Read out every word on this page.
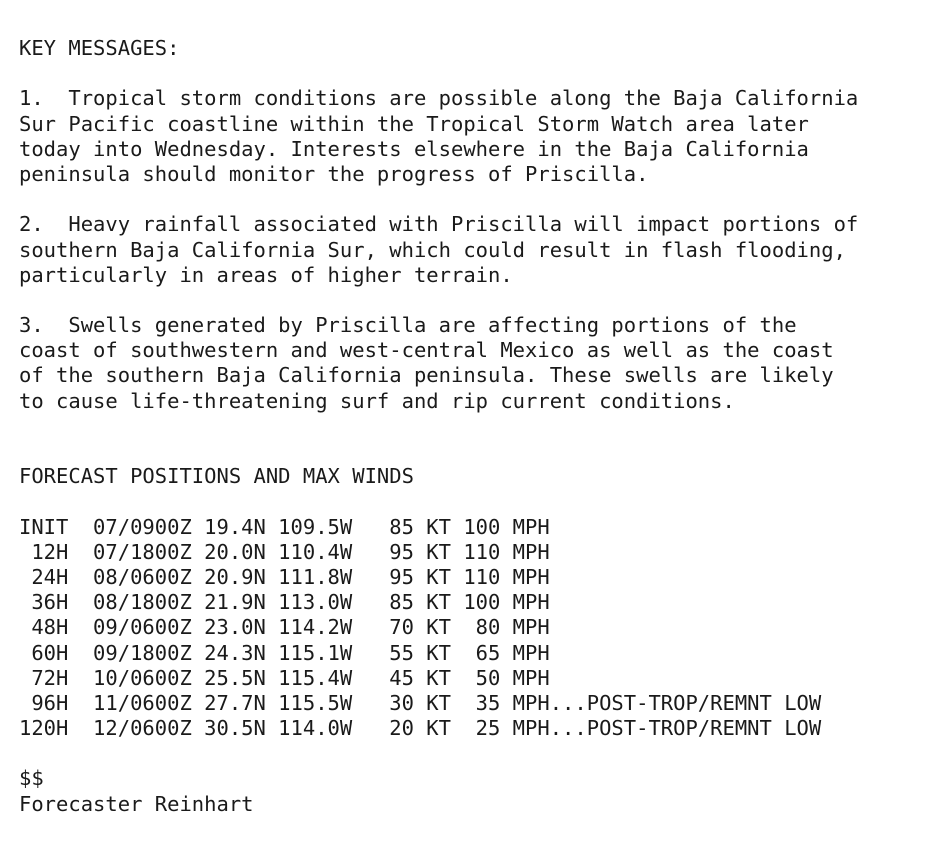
KEY MESSAGES:
1.  Tropical storm conditions are possible along the Baja California
Sur Pacific coastline within the Tropical Storm Watch area later
today into Wednesday. Interests elsewhere in the Baja California
peninsula should monitor the progress of Priscilla.
2.  Heavy rainfall associated with Priscilla will impact portions of
southern Baja California Sur, which could result in flash flooding,
particularly in areas of higher terrain.
3.  Swells generated by Priscilla are affecting portions of the
coast of southwestern and west-central Mexico as well as the coast
of the southern Baja California peninsula. These swells are likely
to cause life-threatening surf and rip current conditions.
FORECAST POSITIONS AND MAX WINDS
INIT  07/0900Z 19.4N 109.5W   85 KT 100 MPH
12H  07/1800Z 20.0N 110.4W   95 KT 110 MPH
24H  08/0600Z 20.9N 111.8W   95 KT 110 MPH
36H  08/1800Z 21.9N 113.0W   85 KT 100 MPH
48H  09/0600Z 23.0N 114.2W   70 KT  80 MPH
60H  09/1800Z 24.3N 115.1W   55 KT  65 MPH
72H  10/0600Z 25.5N 115.4W   45 KT  50 MPH
96H  11/0600Z 27.7N 115.5W   30 KT  35 MPH...POST-TROP/REMNT LOW
120H  12/0600Z 30.5N 114.0W   20 KT  25 MPH...POST-TROP/REMNT LOW
$$
Forecaster Reinhart
